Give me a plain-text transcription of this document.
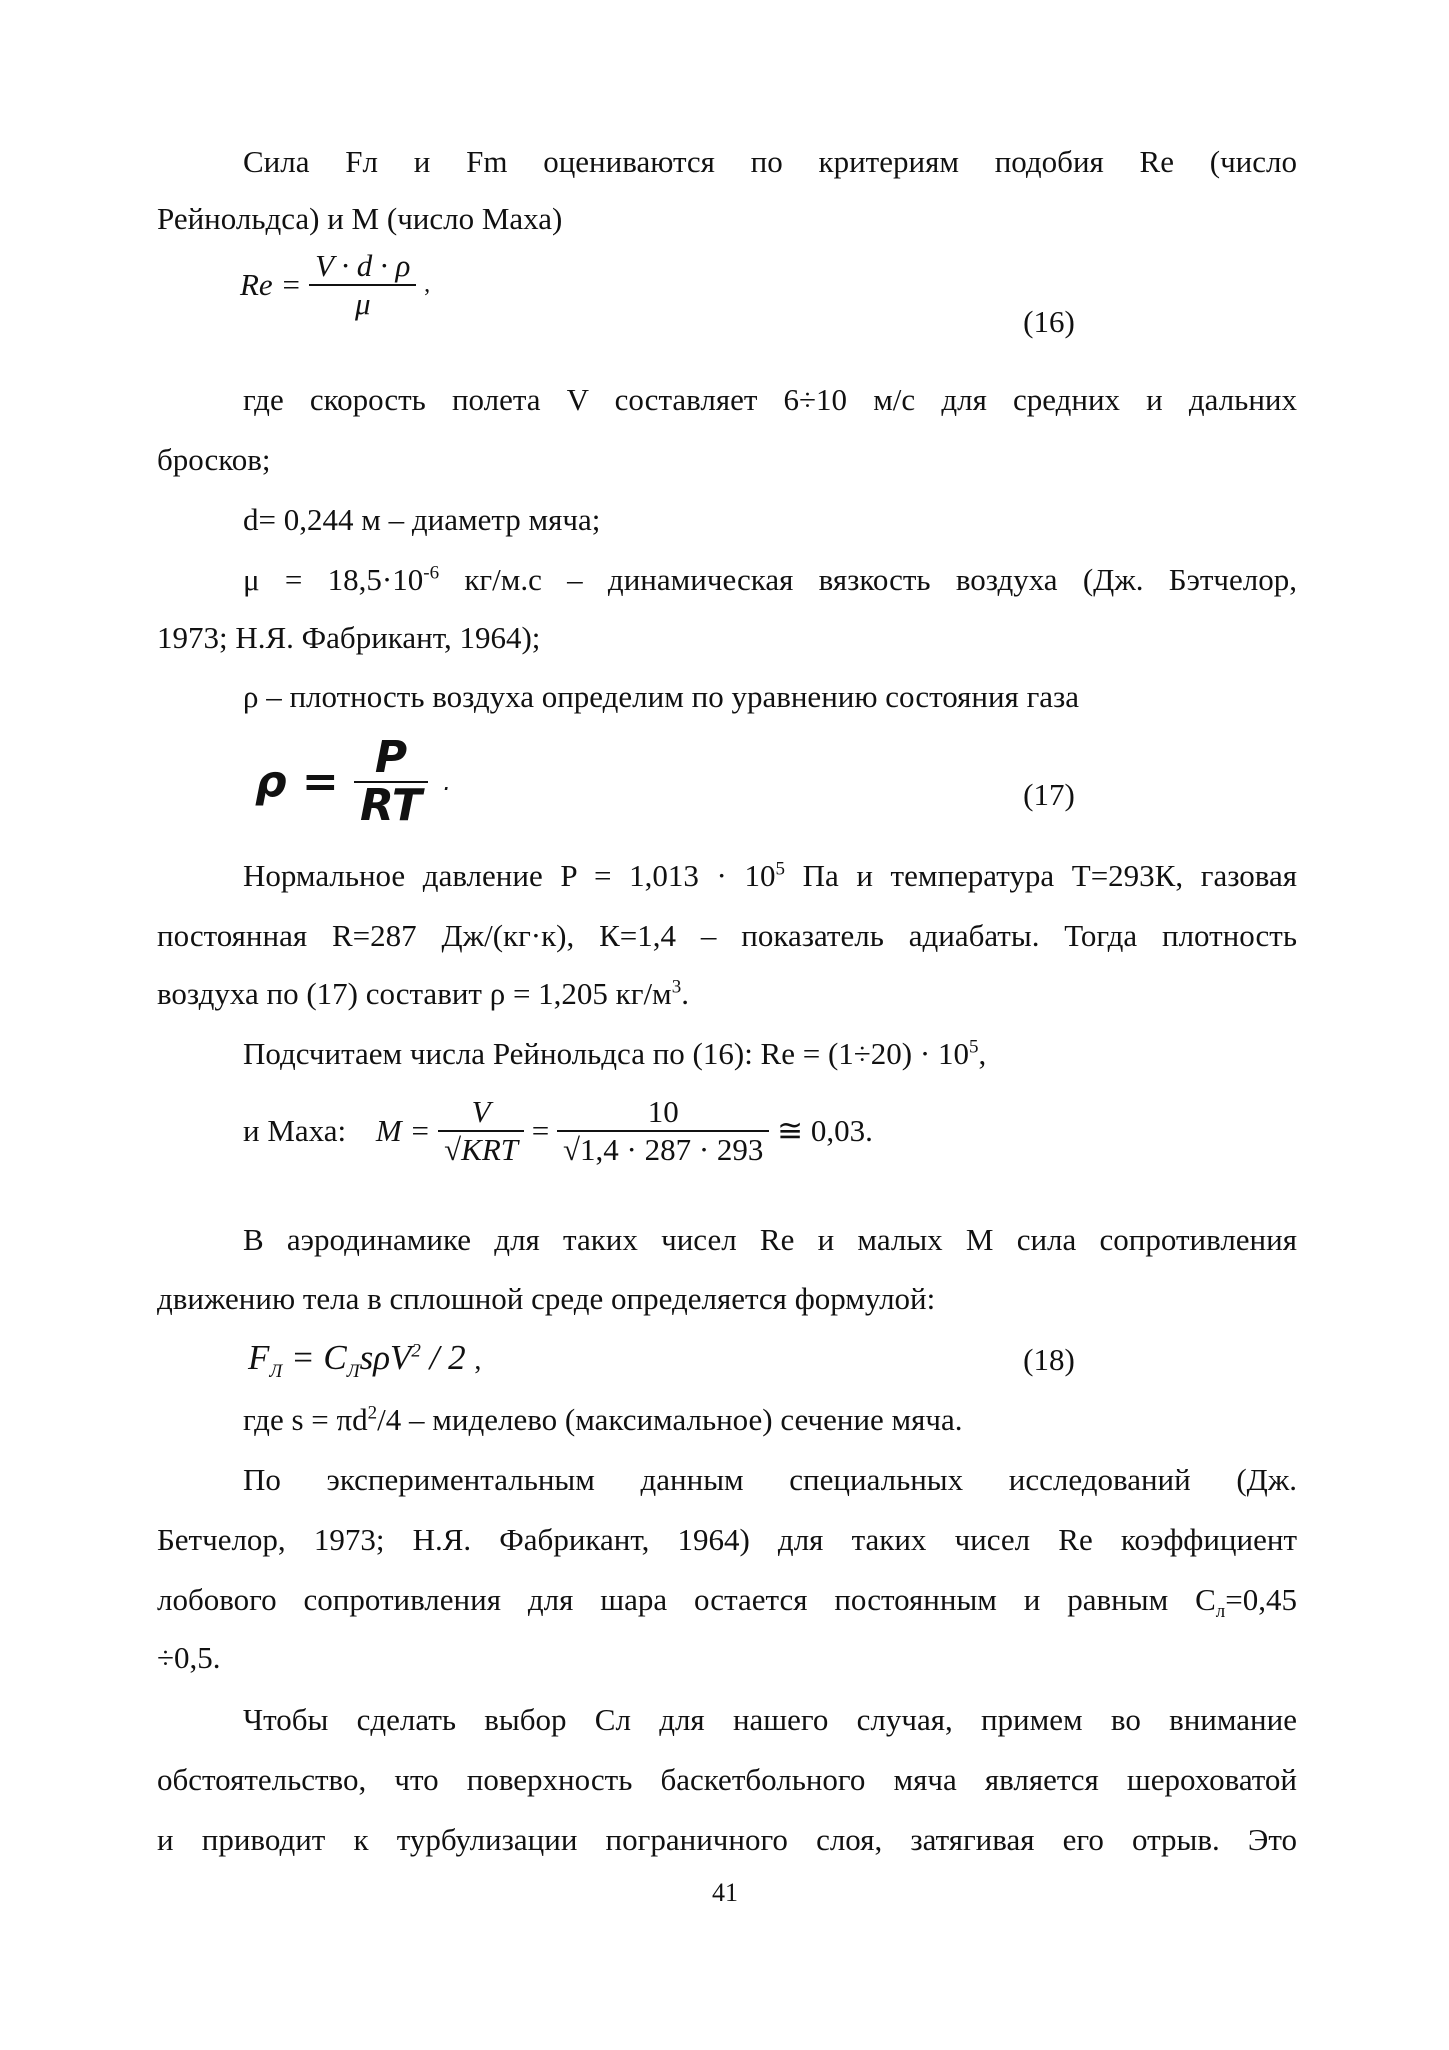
Сила Fл и Fm оцениваются по критериям подобия Re (число
Рейнольдса) и М (число Маха)
$Re = \frac{V \cdot d \cdot \rho}{\mu}$ ,
(16)
где скорость полета V составляет 6÷10 м/с для средних и дальних
бросков;
d= 0,244 м – диаметр мяча;
$\mu = 18,5\cdot 10^{-6}$ кг/м.с – динамическая вязкость воздуха (Дж. Бэтчелор,
1973; Н.Я. Фабрикант, 1964);
ρ – плотность воздуха определим по уравнению состояния газа
$\rho = \frac{P}{RT}$ .	(17)
Нормальное давление $P = 1,013 \cdot 10^5$ Па и температура Т=293К, газовая
постоянная R=287 Дж/(кг·к), К=1,4 – показатель адиабаты. Тогда плотность
воздуха по (17) составит ρ = 1,205 $кг/м^3$.
Подсчитаем числа Рейнольдса по (16): $Re = (1\div 20) \cdot 10^5$,
и Маха: $M = \frac{V}{\text{√KRT}} = \frac{10}{√1,4 \cdot 287 \cdot 293}$ ≅ 0,03.
В аэродинамике для таких чисел Re и малых М сила сопротивления
движению тела в сплошной среде определяется формулой:
$F_Л = C_Лs\rho V^2 / 2$ ,	(18)
где $s = \pi d^2/4$ – миделево (максимальное) сечение мяча.
По экспериментальным данным специальных исследований (Дж.
Бетчелор, 1973; Н.Я. Фабрикант, 1964) для таких чисел Re коэффициент
лобового сопротивления для шара остается постоянным и равным $С_л=0,45$
÷0,5.
Чтобы сделать выбор Сл для нашего случая, примем во внимание
обстоятельство, что поверхность баскетбольного мяча является шероховатой
и приводит к турбулизации пограничного слоя, затягивая его отрыв. Это
41
